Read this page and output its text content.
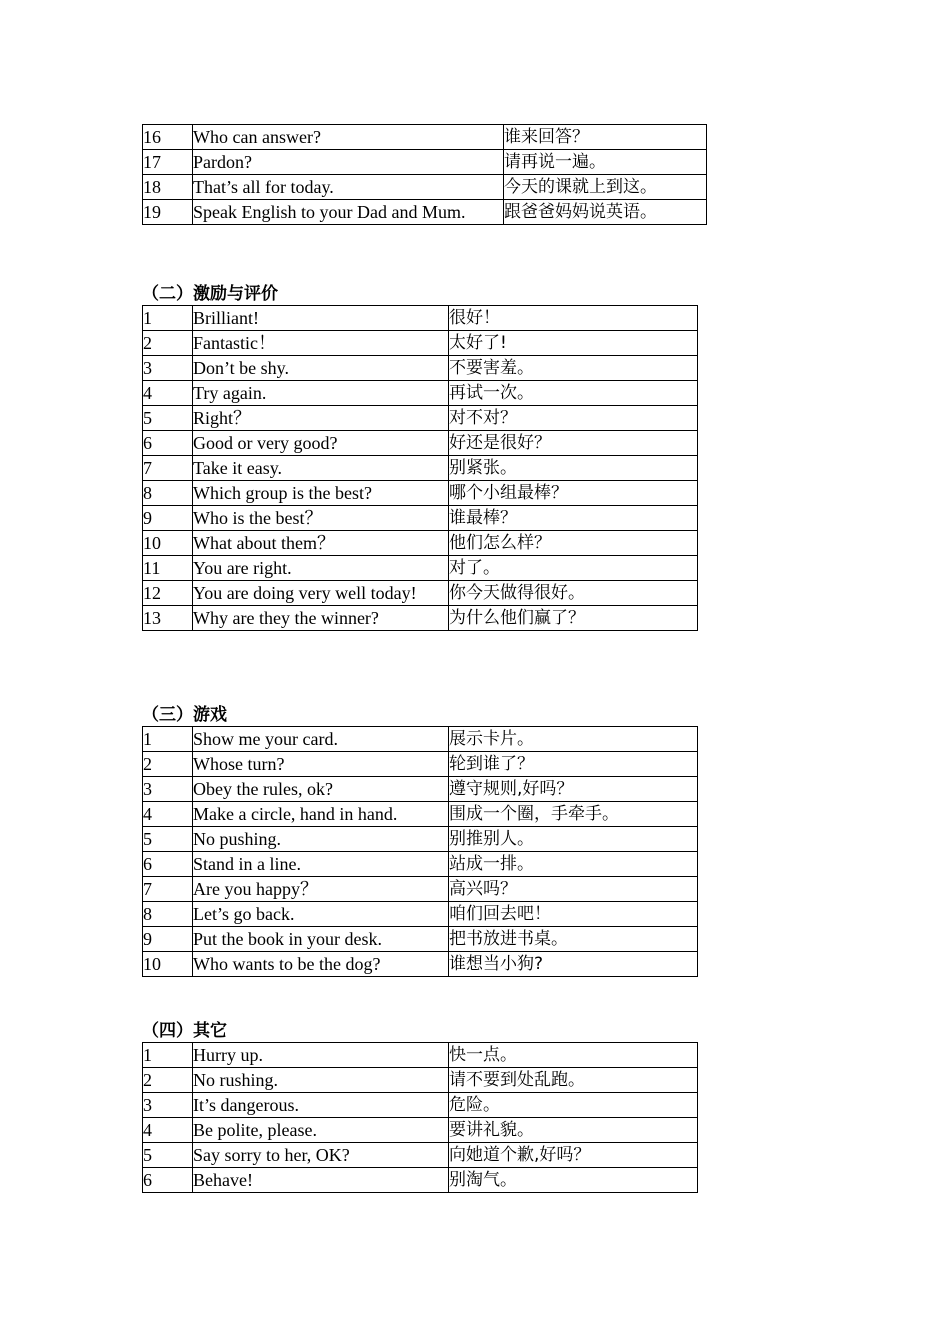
16	Who can answer?	谁来回答？
17	Pardon?	请再说一遍。
18	That’s all for today.	今天的课就上到这。
19	Speak English to your Dad and Mum.	跟爸爸妈妈说英语。
（二）激励与评价
1	Brilliant!	很好！
2	Fantastic！	太好了!
3	Don’t be shy.	不要害羞。
4	Try again.	再试一次。
5	Right？	对不对？
6	Good or very good?	好还是很好？
7	Take it easy.	别紧张。
8	Which group is the best?	哪个小组最棒？
9	Who is the best？	谁最棒？
10	What about them？	他们怎么样？
11	You are right.	对了。
12	You are doing very well today!	你今天做得很好。
13	Why are they the winner?	为什么他们赢了？
（三）游戏
1	Show me your card.	展示卡片。
2	Whose turn?	轮到谁了？
3	Obey the rules, ok?	遵守规则,好吗？
4	Make a circle, hand in hand.	围成一个圈，手牵手。
5	No pushing.	别推别人。
6	Stand in a line.	站成一排。
7	Are you happy？	高兴吗？
8	Let’s go back.	咱们回去吧！
9	Put the book in your desk.	把书放进书桌。
10	Who wants to be the dog?	谁想当小狗?
（四）其它
1	Hurry up.	快一点。
2	No rushing.	请不要到处乱跑。
3	It’s dangerous.	危险。
4	Be polite, please.	要讲礼貌。
5	Say sorry to her, OK?	向她道个歉,好吗？
6	Behave!	别淘气。
